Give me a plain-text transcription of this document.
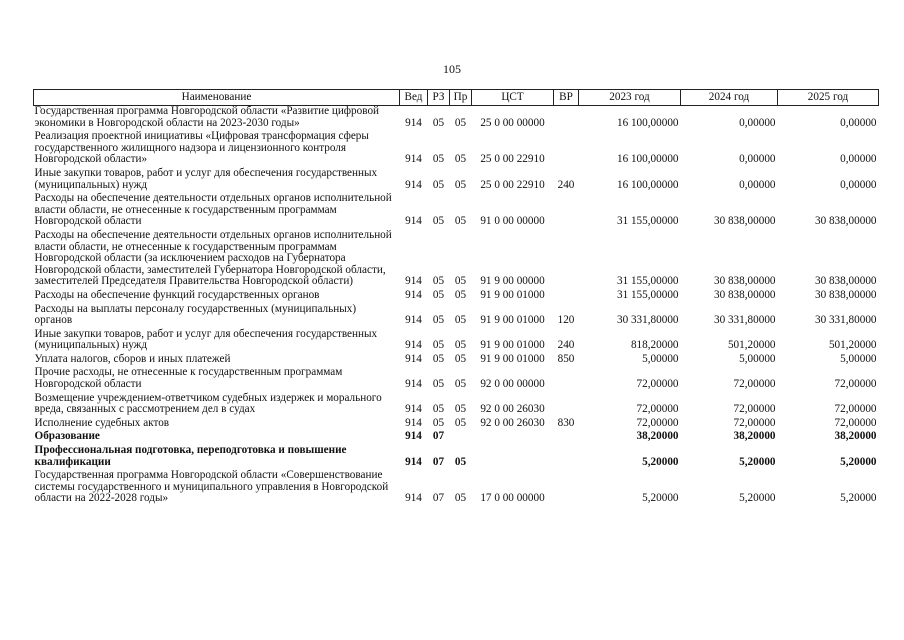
105
Наименование	Вед	РЗ	Пр	ЦСТ	ВР	2023 год	2024 год	2025 год
Государственная программа Новгородской области «Развитие цифровой экономики в Новгородской области на 2023-2030 годы»	914	05	05	25 0 00 00000		16 100,00000	0,00000	0,00000
Реализация проектной инициативы «Цифровая трансформация сферы государственного жилищного надзора и лицензионного контроля Новгородской области»	914	05	05	25 0 00 22910		16 100,00000	0,00000	0,00000
Иные закупки товаров, работ и услуг для обеспечения государственных (муниципальных) нужд	914	05	05	25 0 00 22910	240	16 100,00000	0,00000	0,00000
Расходы на обеспечение деятельности отдельных органов исполнительной власти области, не отнесенные к государственным программам Новгородской области	914	05	05	91 0 00 00000		31 155,00000	30 838,00000	30 838,00000
Расходы на обеспечение деятельности отдельных органов исполнительной власти области, не отнесенные к государственным программам Новгородской области (за исключением расходов на Губернатора Новгородской области, заместителей Губернатора Новгородской области, заместителей Председателя Правительства Новгородской области)	914	05	05	91 9 00 00000		31 155,00000	30 838,00000	30 838,00000
Расходы на обеспечение функций государственных органов	914	05	05	91 9 00 01000		31 155,00000	30 838,00000	30 838,00000
Расходы на выплаты персоналу государственных (муниципальных) органов	914	05	05	91 9 00 01000	120	30 331,80000	30 331,80000	30 331,80000
Иные закупки товаров, работ и услуг для обеспечения государственных (муниципальных) нужд	914	05	05	91 9 00 01000	240	818,20000	501,20000	501,20000
Уплата налогов, сборов и иных платежей	914	05	05	91 9 00 01000	850	5,00000	5,00000	5,00000
Прочие расходы, не отнесенные к государственным программам Новгородской области	914	05	05	92 0 00 00000		72,00000	72,00000	72,00000
Возмещение учреждением-ответчиком судебных издержек и морального вреда, связанных с рассмотрением дел в судах	914	05	05	92 0 00 26030		72,00000	72,00000	72,00000
Исполнение судебных актов	914	05	05	92 0 00 26030	830	72,00000	72,00000	72,00000
Образование	914	07				38,20000	38,20000	38,20000
Профессиональная подготовка, переподготовка и повышение квалификации	914	07	05			5,20000	5,20000	5,20000
Государственная программа Новгородской области «Совершенствование системы государственного и муниципального управления в Новгородской области на 2022-2028 годы»	914	07	05	17 0 00 00000		5,20000	5,20000	5,20000
